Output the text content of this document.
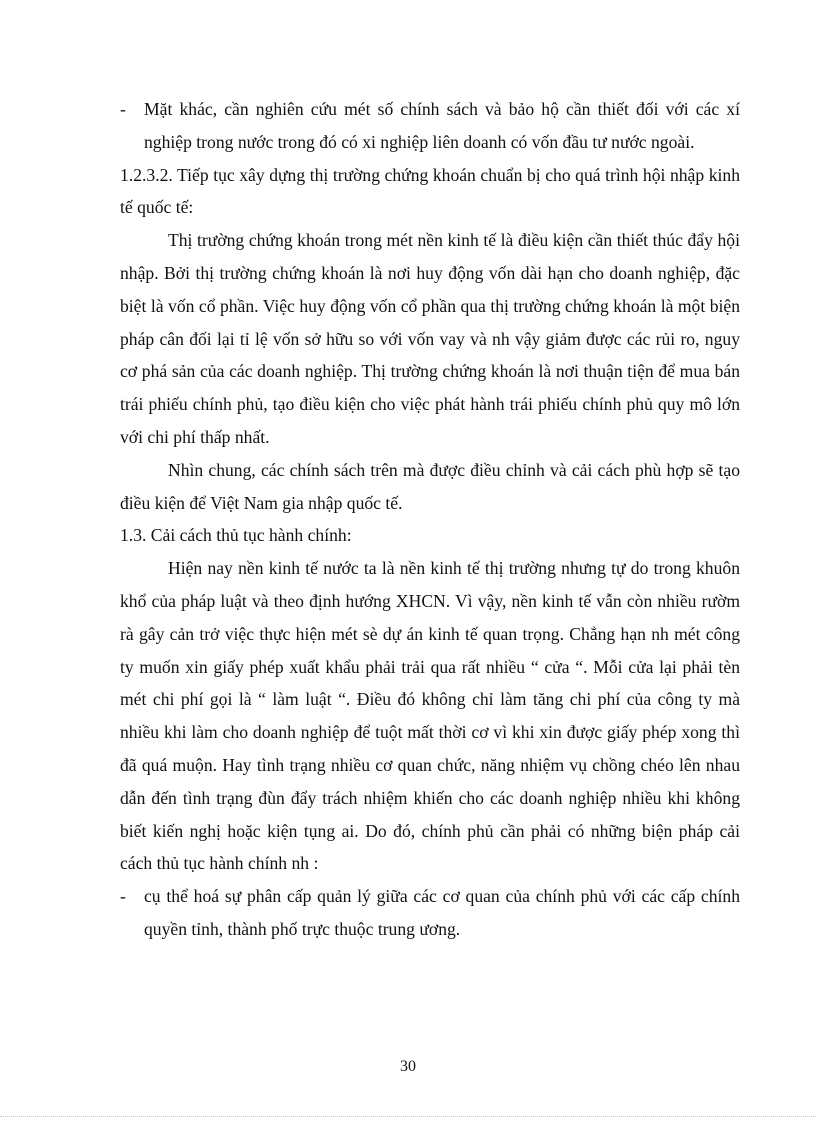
- Mặt khác, cần nghiên cứu mét số chính sách và bảo hộ cần thiết đối với các xí nghiệp trong nước trong đó có xi nghiệp liên doanh có vốn đầu tư nước ngoài.

1.2.3.2. Tiếp tục xây dựng thị trường chứng khoán chuẩn bị cho quá trình hội nhập kinh tế quốc tế:

Thị trường chứng khoán trong mét nền kinh tế là điều kiện cần thiết thúc đẩy hội nhập. Bởi thị trường chứng khoán là nơi huy động vốn dài hạn cho doanh nghiệp, đặc biệt là vốn cổ phần. Việc huy động vốn cổ phần qua thị trường chứng khoán là một biện pháp cân đối lại tỉ lệ vốn sở hữu so với vốn vay và nh vậy giảm được các rủi ro, nguy cơ phá sản của các doanh nghiệp. Thị trường chứng khoán là nơi thuận tiện để mua bán trái phiếu chính phủ, tạo điều kiện cho việc phát hành trái phiếu chính phủ quy mô lớn với chi phí thấp nhất.

Nhìn chung, các chính sách trên mà được điều chỉnh và cải cách phù hợp sẽ tạo điều kiện để Việt Nam gia nhập quốc tế.

1.3. Cải cách thủ tục hành chính:

Hiện nay nền kinh tế nước ta là nền kinh tế thị trường nhưng tự do trong khuôn khổ của pháp luật và theo định hướng XHCN. Vì vậy, nền kinh tế vẫn còn nhiều rườm rà gây cản trở việc thực hiện mét sè dự án kinh tế quan trọng. Chẳng hạn nh mét công ty muốn xin giấy phép xuất khẩu phải trải qua rất nhiều “ cửa “. Mỗi cửa lại phải tèn mét chi phí gọi là “ làm luật “. Điều đó không chỉ làm tăng chi phí của công ty mà nhiều khi làm cho doanh nghiệp để tuột mất thời cơ vì khi xin được giấy phép xong thì đã quá muộn. Hay tình trạng nhiều cơ quan chức, năng nhiệm vụ chồng chéo lên nhau dẫn đến tình trạng đùn đẩy trách nhiệm khiến cho các doanh nghiệp nhiều khi không biết kiến nghị hoặc kiện tụng ai. Do đó, chính phủ cần phải có những biện pháp cải cách thủ tục hành chính nh :

- cụ thể hoá sự phân cấp quản lý giữa các cơ quan của chính phủ với các cấp chính quyền tỉnh, thành phố trực thuộc trung ương.

30
